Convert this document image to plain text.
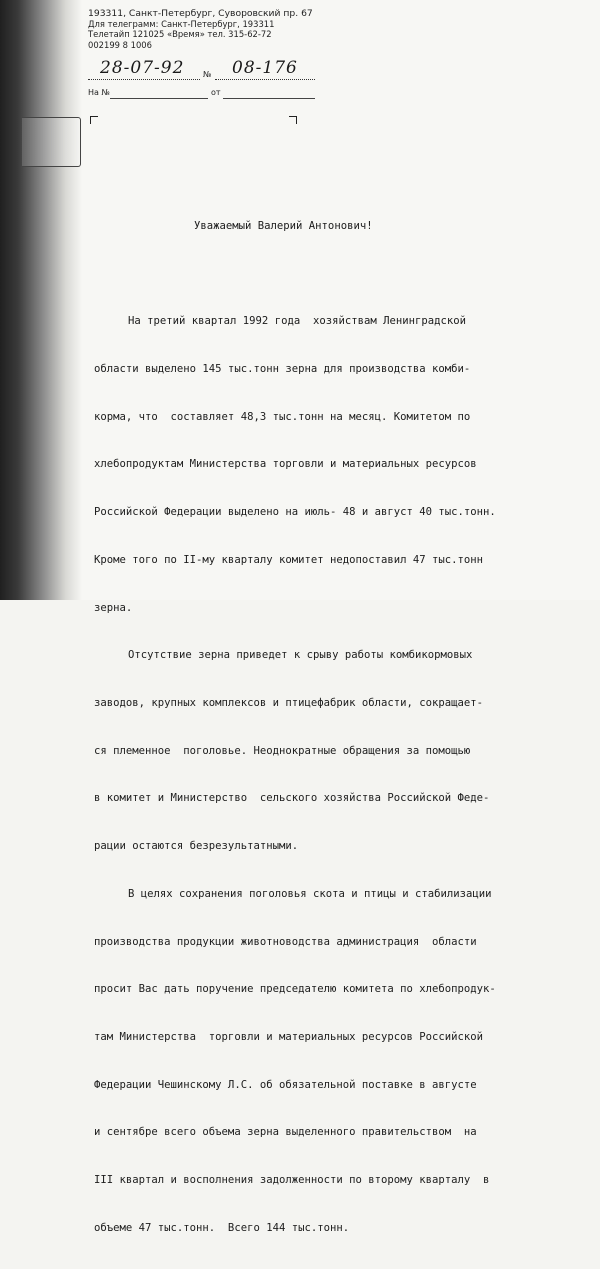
193311, Санкт-Петербург, Суворовский пр. 67
Для телеграмм: Санкт-Петербург, 193311
Телетайп 121025 «Время» тел. 315-62-72
002199 8 1006
28-07-92 № 08-176
На №	от

Уважаемый Валерий Антонович!

На третий квартал 1992 года  хозяйствам Ленинградской

области выделено 145 тыс.тонн зерна для производства комби-

корма, что  составляет 48,3 тыс.тонн на месяц. Комитетом по

хлебопродуктам Министерства торговли и материальных ресурсов

Российской Федерации выделено на июль- 48 и август 40 тыс.тонн.

Кроме того по II-му кварталу комитет недопоставил 47 тыс.тонн

зерна.

Отсутствие зерна приведет к срыву работы комбикормовых

заводов, крупных комплексов и птицефабрик области, сокращает-

ся племенное  поголовье. Неоднократные обращения за помощью

в комитет и Министерство  сельского хозяйства Российской Феде-

рации остаются безрезультатными.

В целях сохранения поголовья скота и птицы и стабилизации

производства продукции животноводства администрация  области

просит Вас дать поручение председателю комитета по хлебопродук-

там Министерства  торговли и материальных ресурсов Российской

Федерации Чешинскому Л.С. об обязательной поставке в августе

и сентябре всего объема зерна выделенного правительством  на

III квартал и восполнения задолженности по второму кварталу  в

объеме 47 тыс.тонн.  Всего 144 тыс.тонн.
